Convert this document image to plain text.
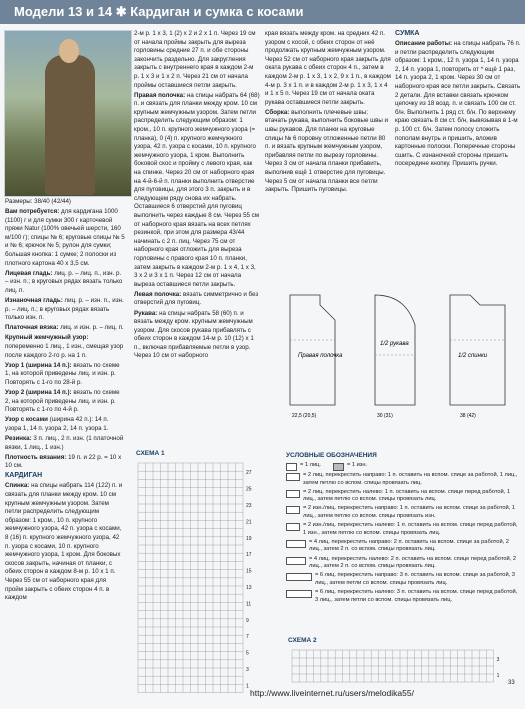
Модели 13 и 14 ✱ Кардиган и сумка с косами

Размеры: 38/40 (42/44)

Вам потребуется: для кардигана 1000 (1100) г и для сумки 300 г карточевой пряжи Natur (100% овечьей шерсти, 160 м/100 г); спицы № 6; круговые спицы № 5 и № 6; крючок № 5; рулон для сумки; большая кнопка: 1 сумке; 2 полоски из плотного картона 40 x 3,5 см.

Лицевая гладь: лиц. р. – лиц. п., изн. р. – изн. п.; в круговых рядах вязать только лиц. п.

Изнаночная гладь: лиц. р. – изн. п., изн. р. – лиц. п.; в круговых рядах вязать только изн. п.

Платочная вязка: лиц. и изн. р. – лиц. п.

Крупный жемчужный узор: попеременно 1 лиц., 1 изн., смещая узор после каждого 2-го р. на 1 п.

Узор 1 (ширина 14 п.): вязать по схеме 1, на которой приведены лиц. и изн. р. Повторять с 1-го по 28-й р.

Узор 2 (ширина 14 п.): вязать по схеме 2, на которой приведены лиц. и изн. р. Повторять с 1-го по 4-й р.

Узор с косами (ширина 42 п.): 14 п. узора 1, 14 п. узора 2, 14 п. узора 1.

Резинка: 3 п. лиц., 2 п. изн. (1 платочной вязки, 1 лиц., 1 изн.)

Плотность вязания: 19 п. и 22 р. = 10 x 10 см.

КАРДИГАН

Спинка: на спицы набрать 114 (122) п. и связать для планки между кром. 10 см крупным жемчужным узором. Затем петли распределить следующим образом: 1 кром., 10 п. крупного жемчужного узора, 42 п. узора с косами, 8 (16) п. крупного жемчужного узора, 42 п. узора с косами, 10 п. крупного жемчужного узора, 1 кром. Для боковых скосов закрыть, начиная от планки, с обеих сторон в каждом 8-м р. 10 x 1 п. Через 55 см от наборного края для пройм закрыть с обеих сторон 4 п. в каждом

2-м р. 1 x 3, 1 (2) x 2 и 2 x 1 п. Через 19 см от начала проймы закрыть для выреза горловины средние 27 п. и обе стороны закончить раздельно. Для закругления закрыть с внутреннего края в каждом 2-м р. 1 x 3 и 1 x 2 п. Через 21 см от начала проймы оставшиеся петли закрыть.

Правая полочка: на спицы набрать 64 (68) п. и связать для планки между кром. 10 см крупным жемчужным узором. Затем петли распределить следующим образом: 1 кром., 10 п. крупного жемчужного узора (= планка), 0 (4) п. крупного жемчужного узора, 42 п. узора с косами, 10 п. крупного жемчужного узора, 1 кром. Выполнить боковой скос и пройму с левого края, как на спинке. Через 20 см от наборного края на 4-й-6-й п. планки выполнить отверстие для пуговицы, для этого 3 п. закрыть и в следующем ряду снова их набрать. Оставшиеся 6 отверстий для пуговиц выполнить через каждые 8 см. Через 55 см от наборного края вязать на всех петлях резинкой, при этом для размера 43/44 начинать с 2 п. лиц. Через 75 см от наборного края отложить для выреза горловины с правого края 10 п. планки, затем закрыть в каждом 2-м р. 1 x 4, 1 x 3, 3 x 2 и 3 x 1 п. Через 12 см от начала выреза оставшиеся петли закрыть.

Левая полочка: вязать симметрично и без отверстий для пуговиц.

Рукава: на спицы набрать 58 (60) п. и вязать между кром. крупным жемчужным узором. Для скосов рукава прибавлять с обеих сторон в каждом 14-м р. 10 (12) x 1 п., включая прибавляемые петли в узор. Через 10 см от наборного

края вязать между кром. на средних 42 п. узором с косой, с обеих сторон от неё продолжать крупным жемчужным узором. Через 52 см от наборного края закрыть для оката рукава с обеих сторон 4 п., затем в каждом 2-м р. 1 x 3, 1 x 2, 9 x 1 п., в каждом 4-м р. 3 x 1 п. и в каждом 2-м р. 1 x 3, 1 x 4 и 1 x 5 п. Через 19 см от начала оката рукава оставшиеся петли закрыть.

Сборка: выполнить плечевые швы; втачать рукава, выполнить боковые швы и швы рукавов. Для планки на круговые спицы № 6 поровну отложенные петли 80 п. и вязать крупным жемчужным узором, прибавляя петли по вырезу горловины. Через 3 см от начала планки прибавить, выполнив ещё 1 отверстие для пуговицы. Через 5 см от начала планки все петли закрыть. Пришить пуговицы.

СУМКА

Описание работы: на спицы набрать 76 п. и петли распределить следующим образом: 1 кром., 12 п. узора 1, 14 п. узора 2, 14 п. узора 1, повторить от * ещё 1 раз, 14 п. узора 2, 1 кром. Через 30 см от наборного края все петли закрыть. Связать 2 детали. Для вставки связать крючком цепочку из 18 возд. п. и связать 100 см ст. б/н. Выполнить 1 ряд ст. б/н. По верхнему краю связать 8 см ст. б/н, вывязывая в 1-м р. 100 ст. б/н. Затем полосу сложить пополам внутрь и пришить, вложив картонные полоски. Поперечные стороны сшить. С изнаночной стороны пришить посередине кнопку. Пришить ручки.

Правая полочка
1/2 рукава
1/2 спинки
22,5 (20,5)	30 (31)	38 (42)
СХЕМА 1
27
25
23
21
19
17
15
13
11
9
7
5
3
1
УСЛОВНЫЕ ОБОЗНАЧЕНИЯ
= 1 лиц.	= 1 изн.
= 2 лиц. перекрестить направо: 1 п. оставить на вспом. спице за работой, 1 лиц., затем петлю со вспом. спицы провязать лиц.
= 2 лиц. перекрестить налево: 1 п. оставить на вспом. спице перед работой, 1 лиц., затем петлю со вспом. спицы провязать лиц.
= 2 изн./лиц. перекрестить направо: 1 п. оставить на вспом. спице за работой, 1 лиц., затем петлю со вспом. спицы провязать изн.
= 2 изн./лиц. перекрестить налево: 1 п. оставить на вспом. спице перед работой, 1 изн., затем петлю со вспом. спицы провязать лиц.
= 4 лиц. перекрестить направо: 2 п. оставить на вспом. спице за работой, 2 лиц., затем 2 п. со вспом. спицы провязать лиц.
= 4 лиц. перекрестить налево: 2 п. оставить на вспом. спице перед работой, 2 лиц., затем 2 п. со вспом. спицы провязать лиц.
= 6 лиц. перекрестить направо: 3 п. оставить на вспом. спице за работой, 3 лиц., затем петли со вспом. спицы провязать лиц.
= 6 лиц. перекрестить налево: 3 п. оставить на вспом. спице перед работой, 3 лиц., затем петли со вспом. спицы провязать лиц.
СХЕМА 2
3
1
http://www.liveinternet.ru/users/melodika55/
33
